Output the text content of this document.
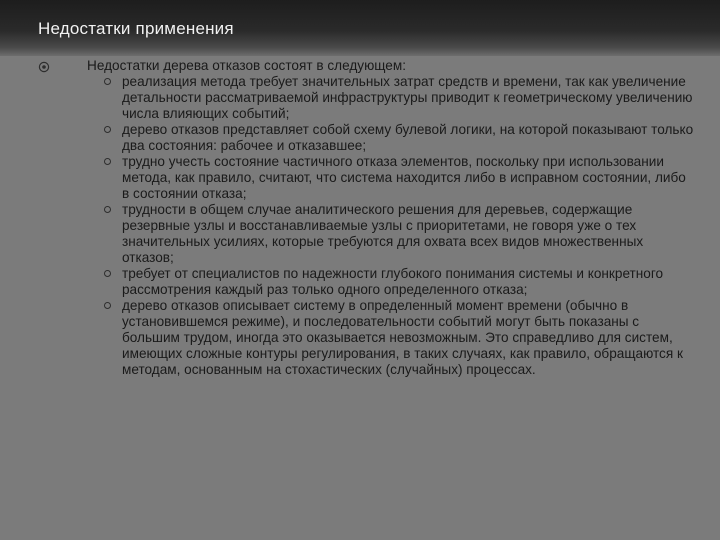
Недостатки применения

Недостатки дерева отказов состоят в следующем:

реализация метода требует значительных затрат средств и времени, так как увеличение детальности рассматриваемой инфраструктуры приводит к геометрическому увеличению числа влияющих событий;
дерево отказов представляет собой схему булевой логики, на которой показывают только два состояния: рабочее и отказавшее;
трудно учесть состояние частичного отказа элементов, поскольку при использовании метода, как правило, считают, что система находится либо в исправном состоянии, либо в состоянии отказа;
трудности в общем случае аналитического решения для деревьев, содержащие резервные узлы и восстанавливаемые узлы с приоритетами, не говоря уже о тех значительных усилиях, которые требуются для охвата всех видов множественных отказов;
требует от специалистов по надежности глубокого понимания системы и конкретного рассмотрения каждый раз только одного определенного отказа;
дерево отказов описывает систему в определенный момент времени (обычно в установившемся режиме), и последовательности событий могут быть показаны с большим трудом, иногда это оказывается невозможным. Это справедливо для систем, имеющих сложные контуры регулирования, в таких случаях, как правило, обращаются к методам, основанным на стохастических (случайных) процессах.
